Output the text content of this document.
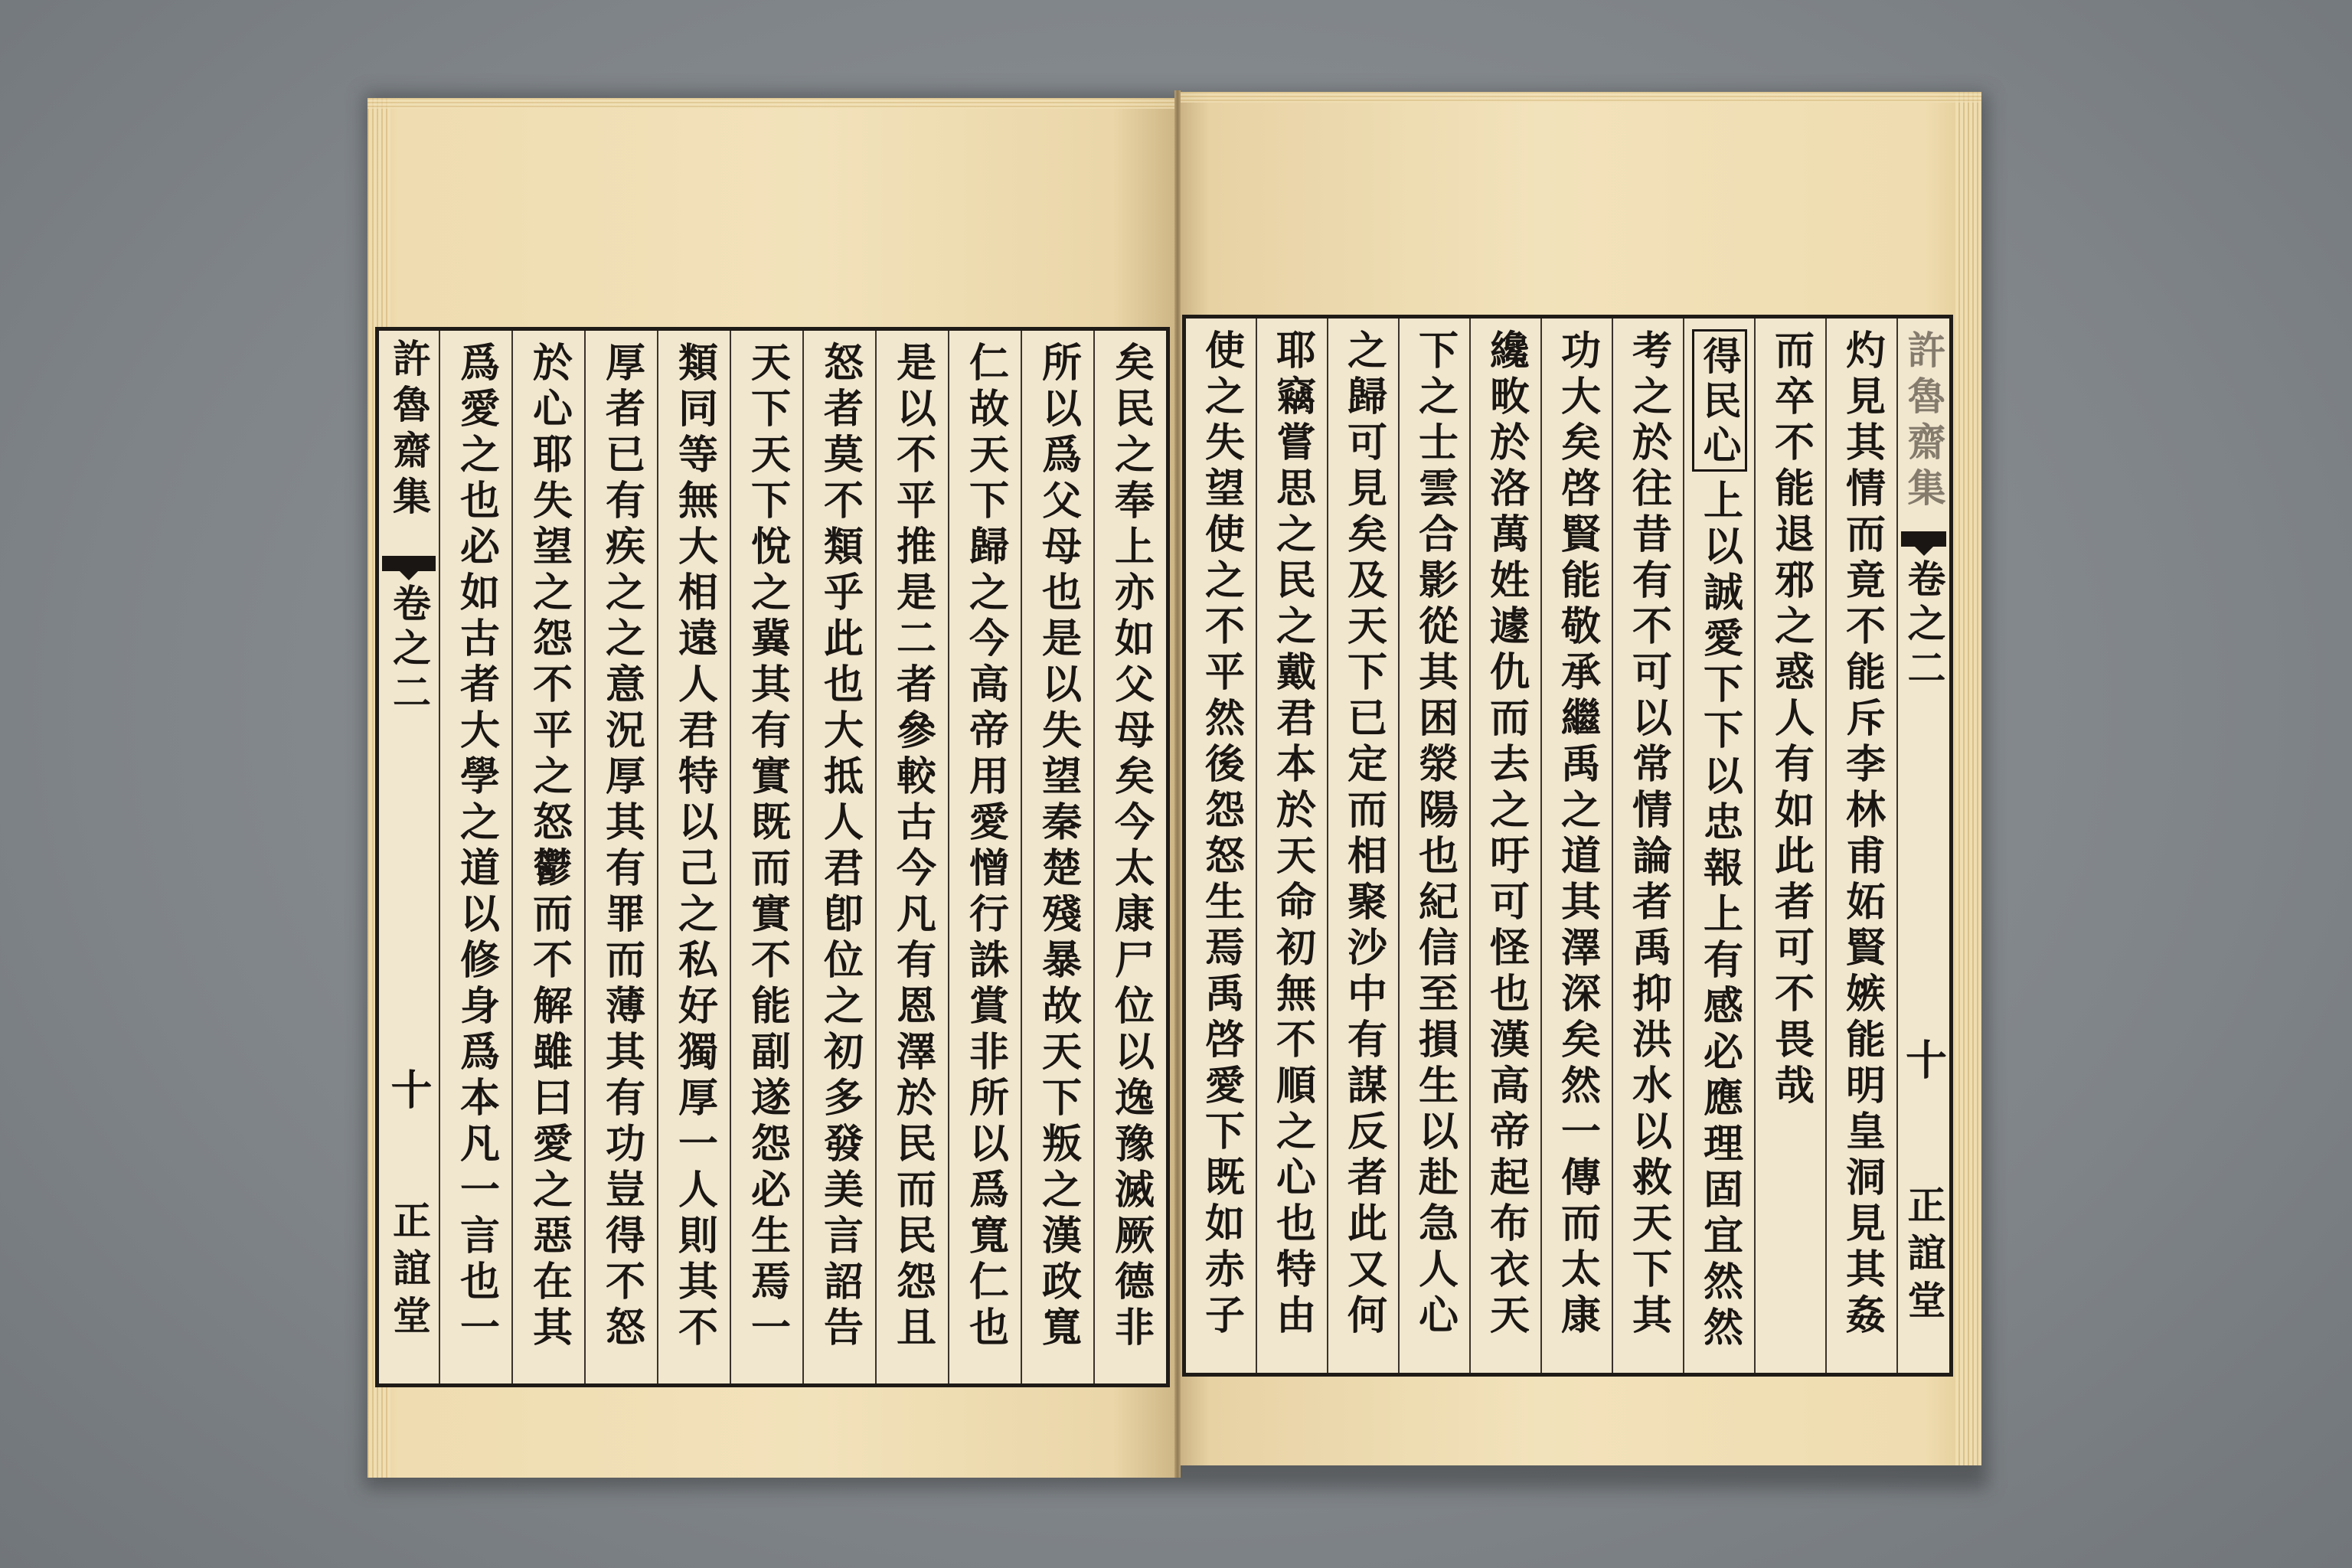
許魯齋集
卷之二
十
正誼堂	矣民之奉上亦如父母矣今太康尸位以逸豫滅厥德非
所以爲父母也是以失望秦楚殘暴故天下叛之漢政寬
仁故天下歸之今高帝用愛憎行誅賞非所以爲寬仁也
是以不平推是二者參較古今凡有恩澤於民而民怨且
怒者莫不類乎此也大抵人君卽位之初多發美言詔告
天下天下悅之冀其有實既而實不能副遂怨必生焉一
類同等無大相遠人君特以己之私好獨厚一人則其不
厚者已有疾之之意況厚其有罪而薄其有功豈得不怒
於心耶失望之怨不平之怒鬱而不解雖曰愛之惡在其
爲愛之也必如古者大學之道以修身爲本凡一言也一	灼見其情而竟不能斥李林甫妬賢嫉能明皇洞見其姦
而卒不能退邪之惑人有如此者可不畏哉
得民心
上以誠愛下下以忠報上有感必應理固宜然然
考之於往昔有不可以常情論者禹抑洪水以救天下其
功大矣啓賢能敬承繼禹之道其澤深矣然一傳而太康
纔畋於洛萬姓遽仇而去之吁可怪也漢高帝起布衣天
下之士雲合影從其困滎陽也紀信至損生以赴急人心
之歸可見矣及天下已定而相聚沙中有謀反者此又何
耶竊嘗思之民之戴君本於天命初無不順之心也特由
使之失望使之不平然後怨怒生焉禹啓愛下既如赤子	許魯齋集
卷之二
十
正誼堂
